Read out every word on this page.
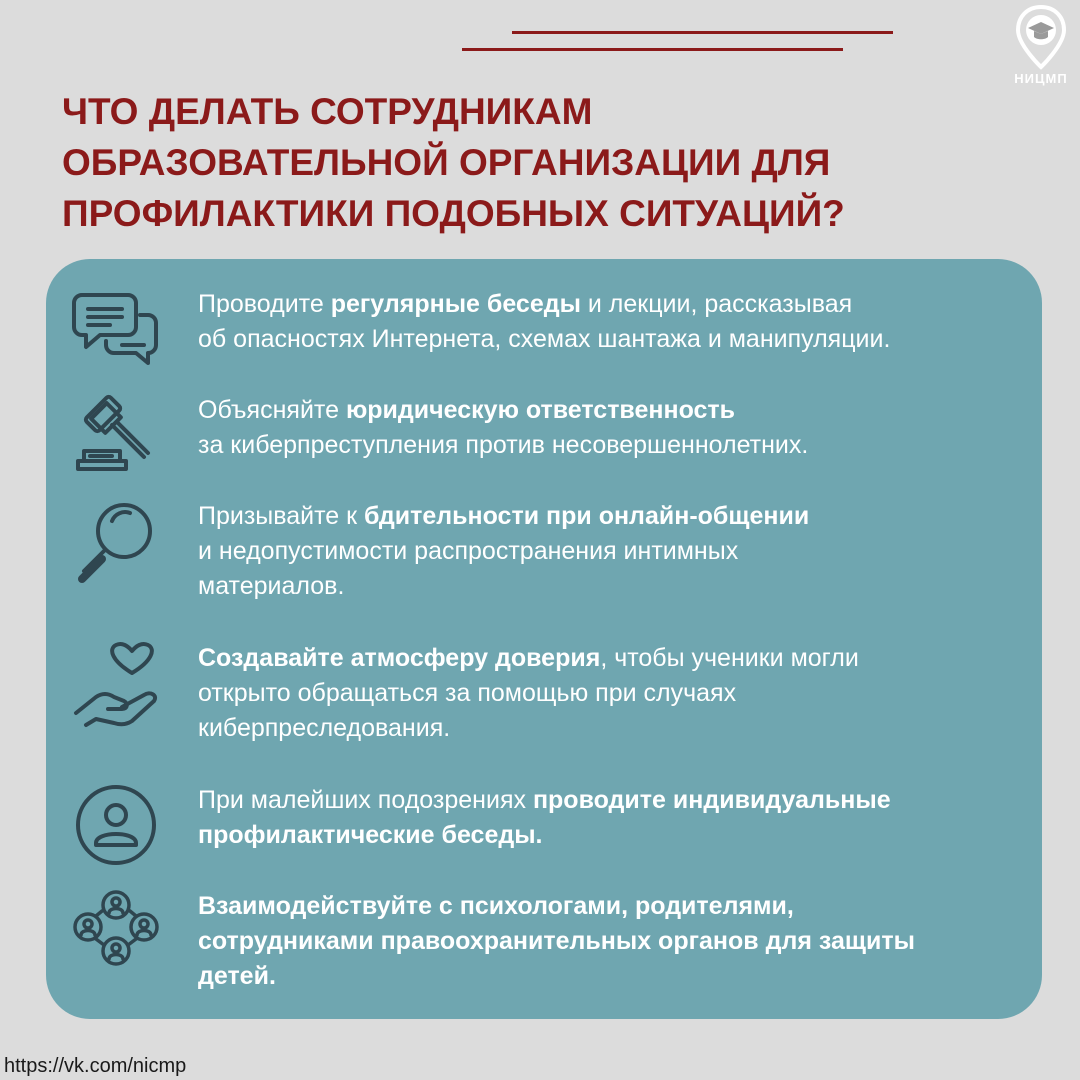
НИЦМП
ЧТО ДЕЛАТЬ СОТРУДНИКАМ
ОБРАЗОВАТЕЛЬНОЙ ОРГАНИЗАЦИИ ДЛЯ
ПРОФИЛАКТИКИ ПОДОБНЫХ СИТУАЦИЙ?
Проводите регулярные беседы и лекции, рассказывая
об опасностях Интернета, схемах шантажа и манипуляции.
Объясняйте юридическую ответственность
за киберпреступления против несовершеннолетних.
Призывайте к бдительности при онлайн-общении
и недопустимости распространения интимных
материалов.
Создавайте атмосферу доверия, чтобы ученики могли
открыто обращаться за помощью при случаях
киберпреследования.
При малейших подозрениях проводите индивидуальные
профилактические беседы.
Взаимодействуйте с психологами, родителями,
сотрудниками правоохранительных органов для защиты
детей.
https://vk.com/nicmp
